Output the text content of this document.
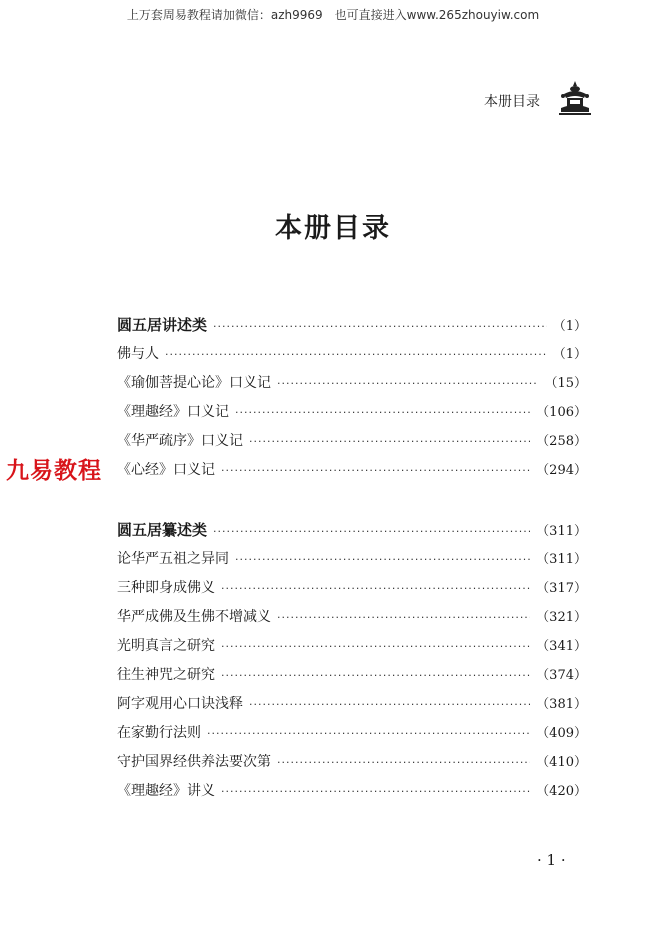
上万套周易教程请加微信：azh9969　也可直接进入www.265zhouyiw.com
本册目录
本册目录
九易教程
圆五居讲述类 ·····	（1）
佛与人 ·····	（1）
《瑜伽菩提心论》口义记 ·····	（15）
《理趣经》口义记 ·····	（106）
《华严疏序》口义记 ·····	（258）
《心经》口义记 ·····	（294）
圆五居纂述类 ·····	（311）
论华严五祖之异同 ·····	（311）
三种即身成佛义 ·····	（317）
华严成佛及生佛不增减义 ·····	（321）
光明真言之研究 ·····	（341）
往生神咒之研究 ·····	（374）
阿字观用心口诀浅释 ·····	（381）
在家勤行法则 ·····	（409）
守护国界经供养法要次第 ·····	（410）
《理趣经》讲义 ·····	（420）
· 1 ·
